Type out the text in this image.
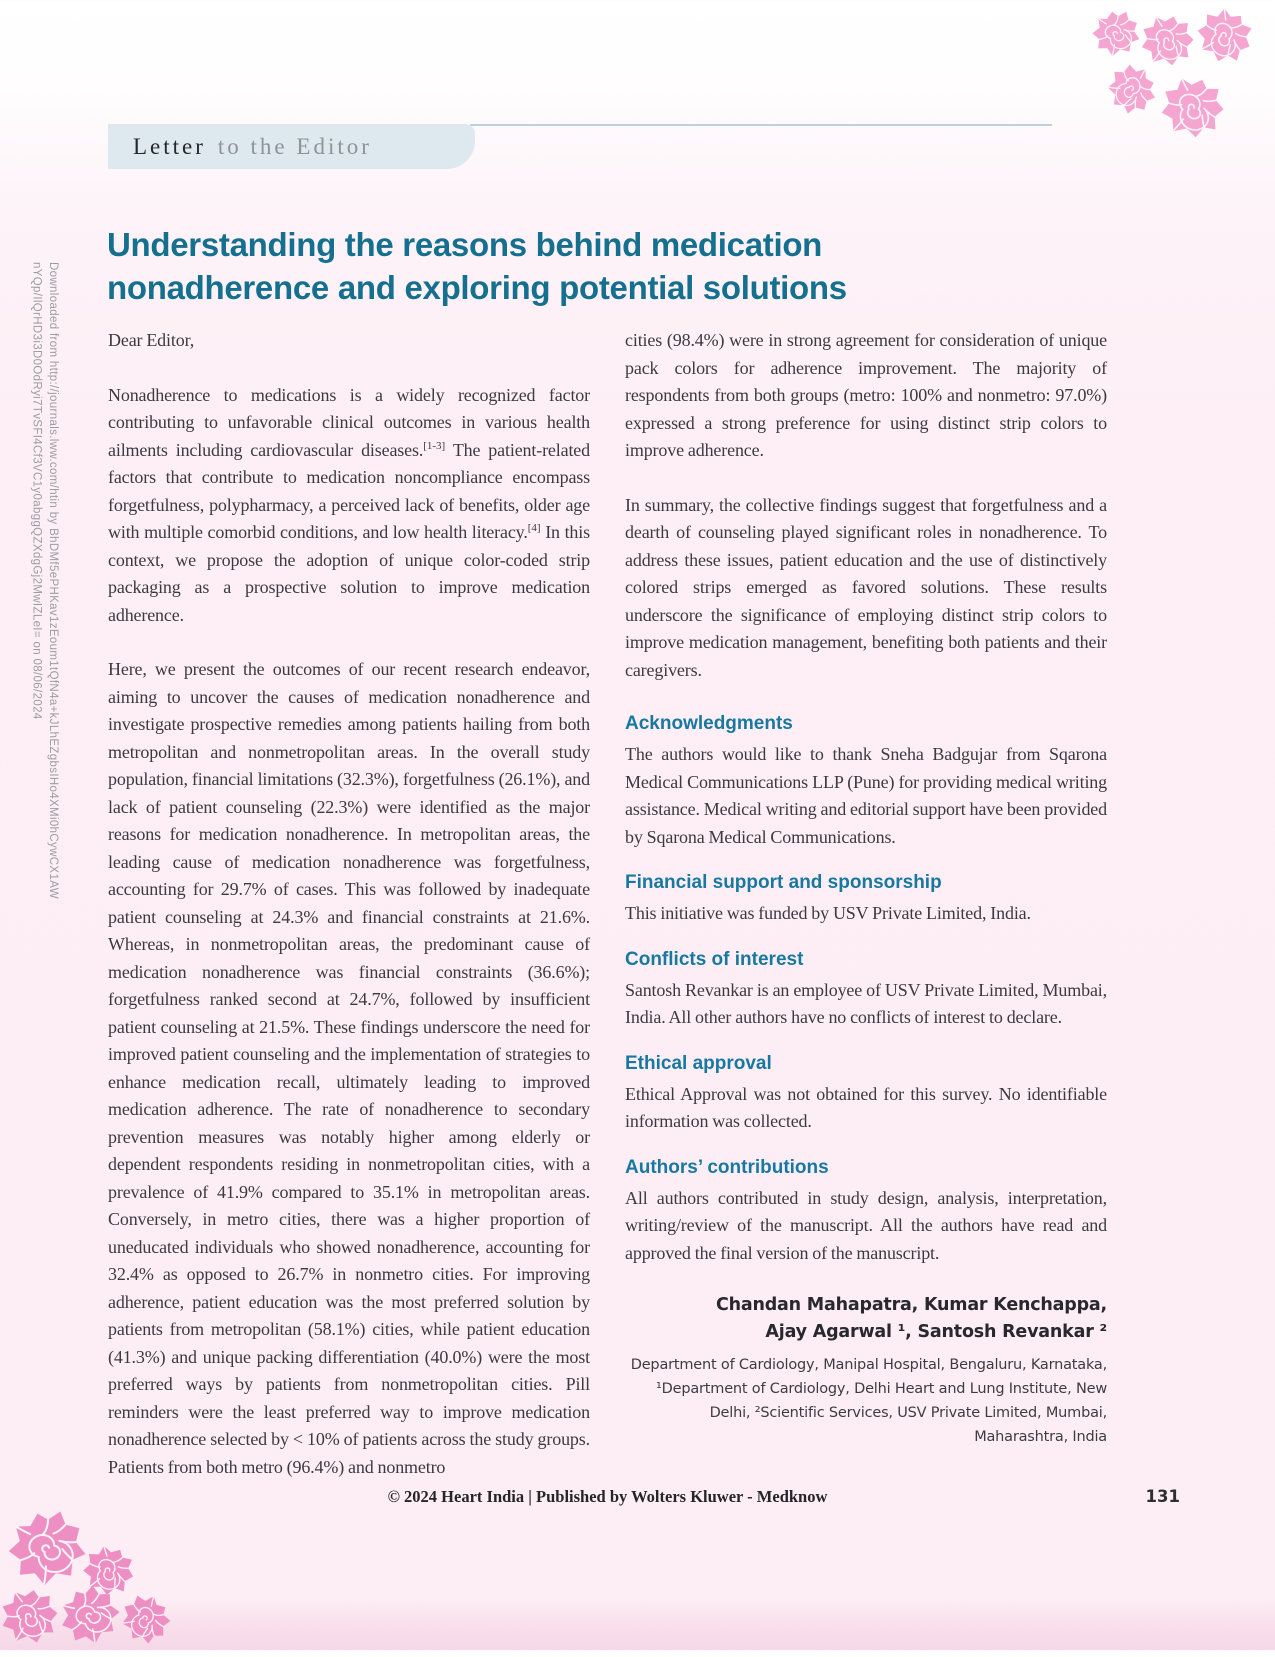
Downloaded from http://journals.lww.com/htin by BhDMf5ePHKav1zEoum1tQfN4a+kJLhEZgbsIHo4XMi0hCywCX1AW
nYQp/IlQrHD3i3D0OdRyi7TvSFI4Cf3VC1y0abggQZXdgGj2MwIZLeI= on 08/06/2024
Letter to the Editor
Understanding the reasons behind medication nonadherence and exploring potential solutions

Dear Editor,

Nonadherence to medications is a widely recognized factor contributing to unfavorable clinical outcomes in various health ailments including cardiovascular diseases.[1-3] The patient-related factors that contribute to medication noncompliance encompass forgetfulness, polypharmacy, a perceived lack of benefits, older age with multiple comorbid conditions, and low health literacy.[4] In this context, we propose the adoption of unique color-coded strip packaging as a prospective solution to improve medication adherence.

Here, we present the outcomes of our recent research endeavor, aiming to uncover the causes of medication nonadherence and investigate prospective remedies among patients hailing from both metropolitan and nonmetropolitan areas. In the overall study population, financial limitations (32.3%), forgetfulness (26.1%), and lack of patient counseling (22.3%) were identified as the major reasons for medication nonadherence. In metropolitan areas, the leading cause of medication nonadherence was forgetfulness, accounting for 29.7% of cases. This was followed by inadequate patient counseling at 24.3% and financial constraints at 21.6%. Whereas, in nonmetropolitan areas, the predominant cause of medication nonadherence was financial constraints (36.6%); forgetfulness ranked second at 24.7%, followed by insufficient patient counseling at 21.5%. These findings underscore the need for improved patient counseling and the implementation of strategies to enhance medication recall, ultimately leading to improved medication adherence. The rate of nonadherence to secondary prevention measures was notably higher among elderly or dependent respondents residing in nonmetropolitan cities, with a prevalence of 41.9% compared to 35.1% in metropolitan areas. Conversely, in metro cities, there was a higher proportion of uneducated individuals who showed nonadherence, accounting for 32.4% as opposed to 26.7% in nonmetro cities. For improving adherence, patient education was the most preferred solution by patients from metropolitan (58.1%) cities, while patient education (41.3%) and unique packing differentiation (40.0%) were the most preferred ways by patients from nonmetropolitan cities. Pill reminders were the least preferred way to improve medication nonadherence selected by < 10% of patients across the study groups. Patients from both metro (96.4%) and nonmetro

cities (98.4%) were in strong agreement for consideration of unique pack colors for adherence improvement. The majority of respondents from both groups (metro: 100% and nonmetro: 97.0%) expressed a strong preference for using distinct strip colors to improve adherence.

In summary, the collective findings suggest that forgetfulness and a dearth of counseling played significant roles in nonadherence. To address these issues, patient education and the use of distinctively colored strips emerged as favored solutions. These results underscore the significance of employing distinct strip colors to improve medication management, benefiting both patients and their caregivers.

Acknowledgments

The authors would like to thank Sneha Badgujar from Sqarona Medical Communications LLP (Pune) for providing medical writing assistance. Medical writing and editorial support have been provided by Sqarona Medical Communications.

Financial support and sponsorship

This initiative was funded by USV Private Limited, India.

Conflicts of interest

Santosh Revankar is an employee of USV Private Limited, Mumbai, India. All other authors have no conflicts of interest to declare.

Ethical approval

Ethical Approval was not obtained for this survey. No identifiable information was collected.

Authors’ contributions

All authors contributed in study design, analysis, interpretation, writing/review of the manuscript. All the authors have read and approved the final version of the manuscript.

Chandan Mahapatra, Kumar Kenchappa,
Ajay Agarwal ¹, Santosh Revankar ²
Department of Cardiology, Manipal Hospital, Bengaluru, Karnataka, ¹Department of Cardiology, Delhi Heart and Lung Institute, New Delhi, ²Scientific Services, USV Private Limited, Mumbai, Maharashtra, India
© 2024 Heart India | Published by Wolters Kluwer - Medknow	131
